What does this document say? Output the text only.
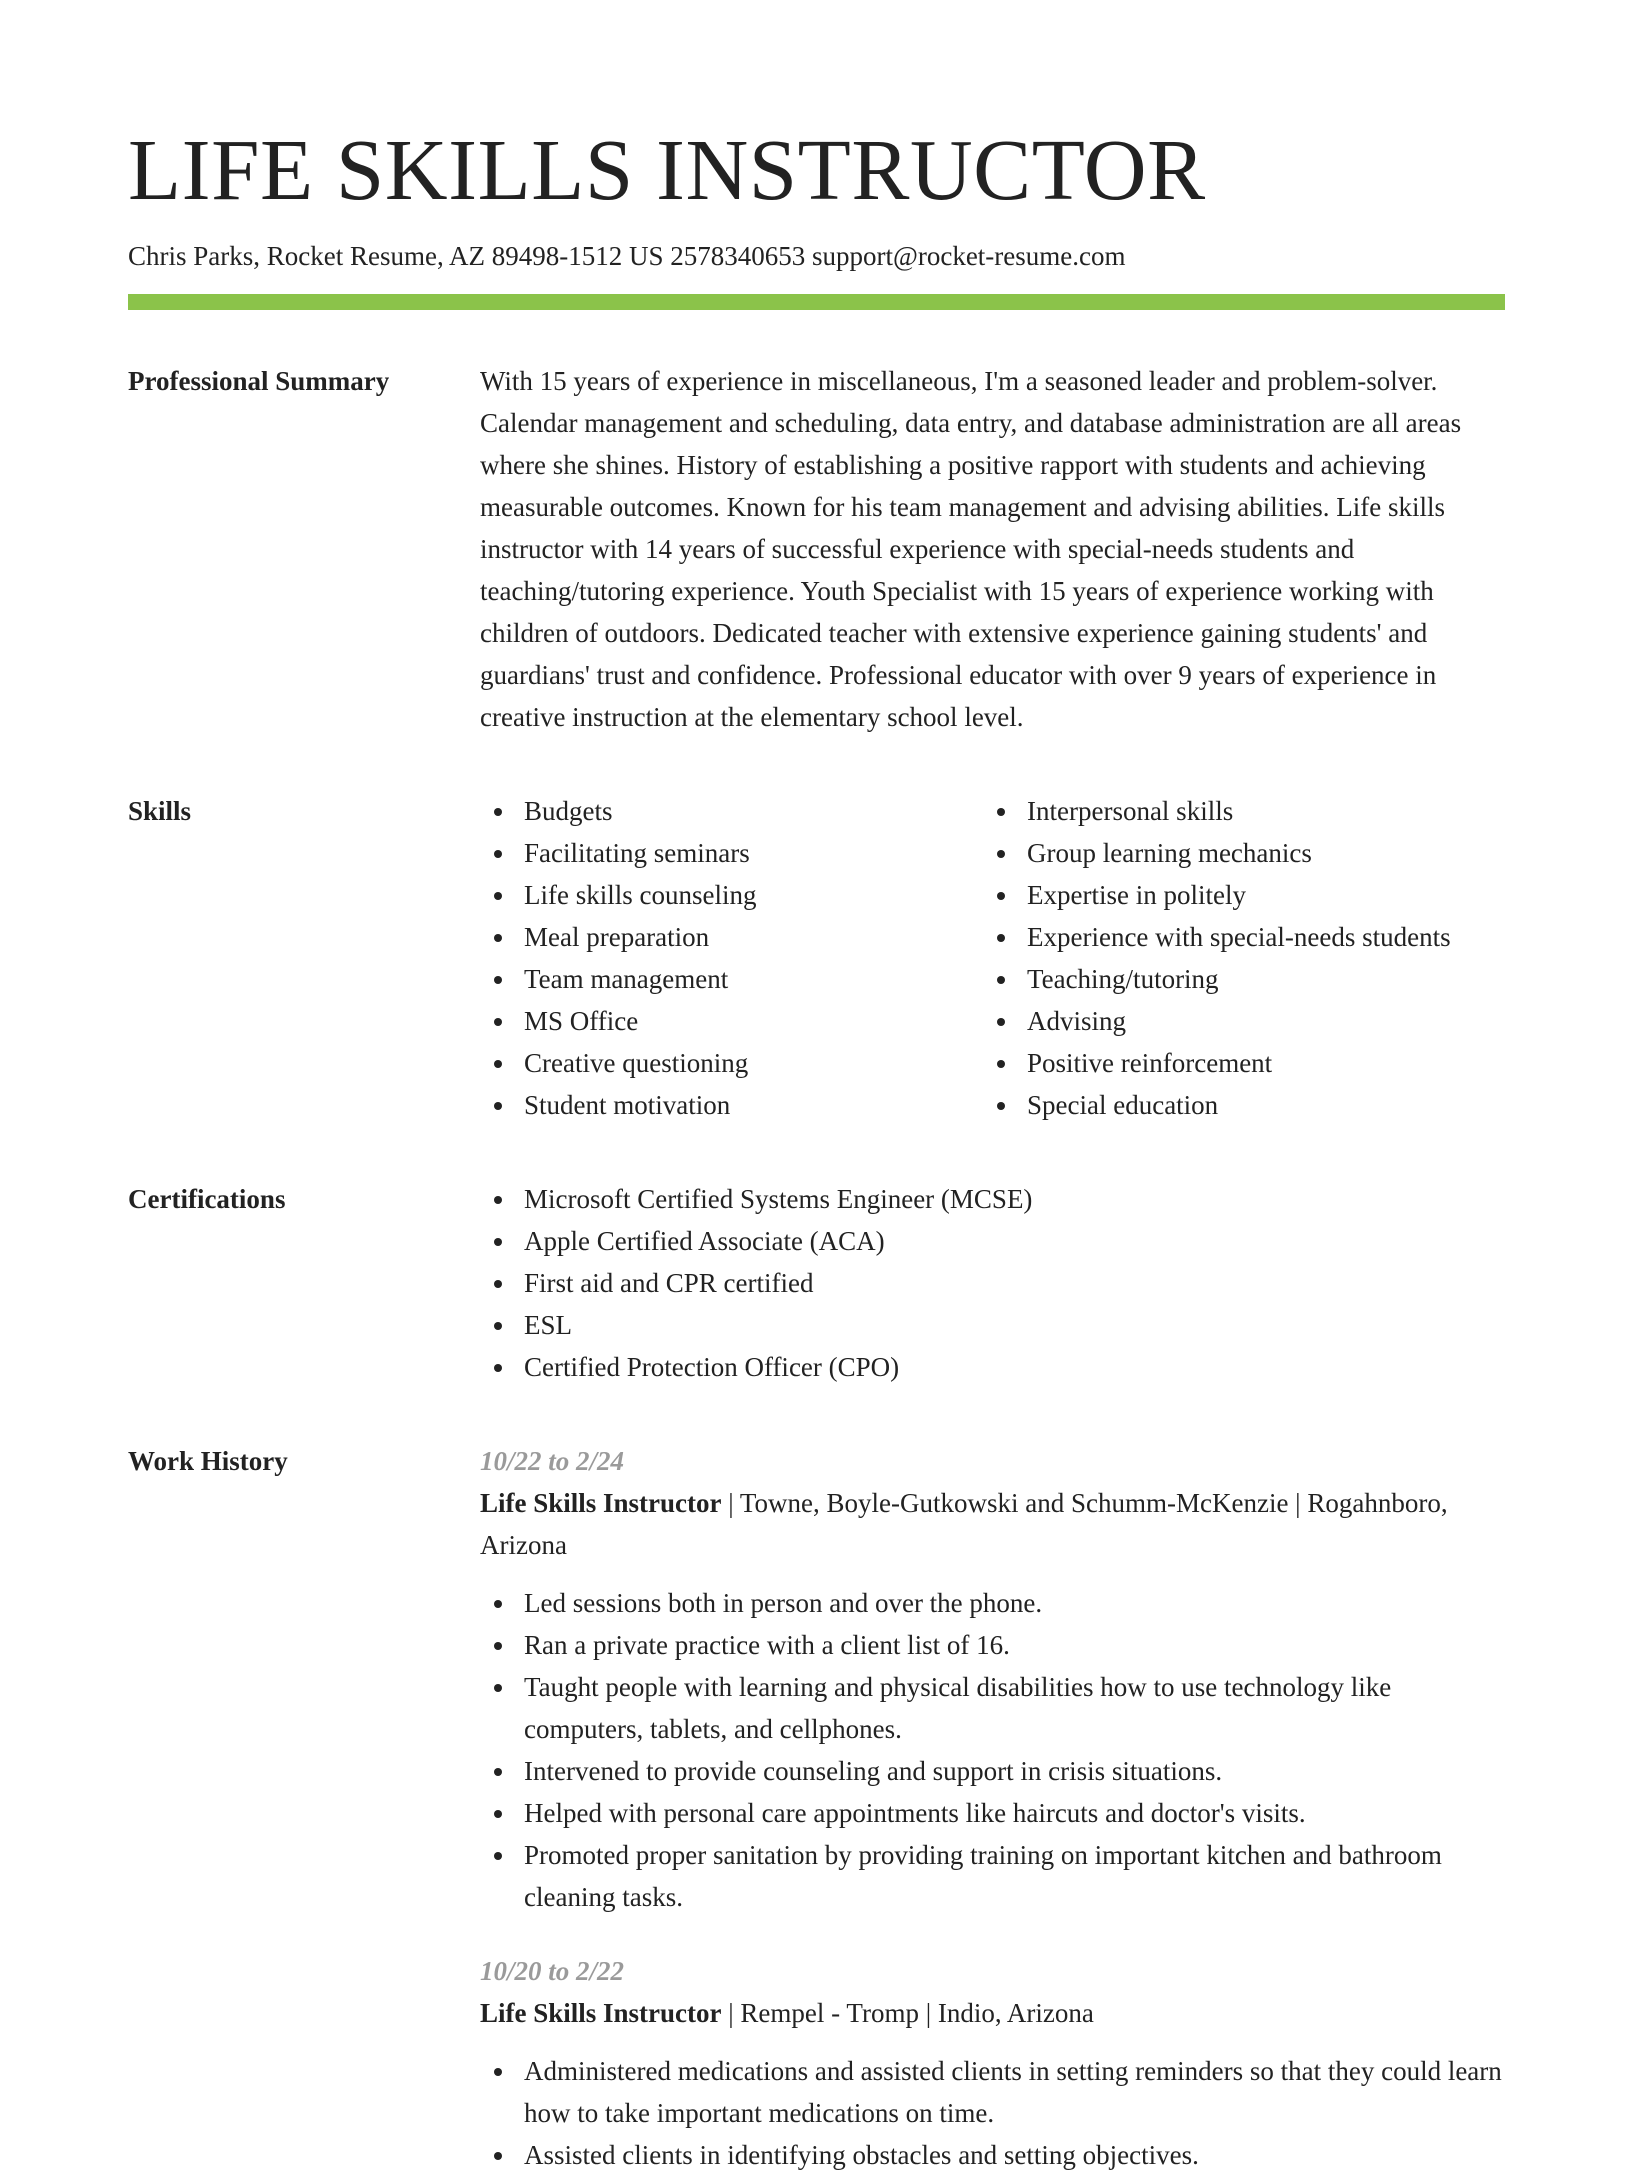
LIFE SKILLS INSTRUCTOR
Chris Parks, Rocket Resume, AZ 89498-1512 US 2578340653 support@rocket-resume.com
Professional Summary	With 15 years of experience in miscellaneous, I'm a seasoned leader and problem-solver. Calendar management and scheduling, data entry, and database administration are all areas where she shines. History of establishing a positive rapport with students and achieving measurable outcomes. Known for his team management and advising abilities. Life skills instructor with 14 years of successful experience with special-needs students and teaching/tutoring experience. Youth Specialist with 15 years of experience working with children of outdoors. Dedicated teacher with extensive experience gaining students' and guardians' trust and confidence. Professional educator with over 9 years of experience in creative instruction at the elementary school level.
Skills	Budgets
Facilitating seminars
Life skills counseling
Meal preparation
Team management
MS Office
Creative questioning
Student motivation
Interpersonal skills
Group learning mechanics
Expertise in politely
Experience with special-needs students
Teaching/tutoring
Advising
Positive reinforcement
Special education
Certifications	Microsoft Certified Systems Engineer (MCSE)
Apple Certified Associate (ACA)
First aid and CPR certified
ESL
Certified Protection Officer (CPO)
Work History	10/22 to 2/24
Life Skills Instructor | Towne, Boyle-Gutkowski and Schumm-McKenzie | Rogahnboro, Arizona
Led sessions both in person and over the phone.
Ran a private practice with a client list of 16.
Taught people with learning and physical disabilities how to use technology like computers, tablets, and cellphones.
Intervened to provide counseling and support in crisis situations.
Helped with personal care appointments like haircuts and doctor's visits.
Promoted proper sanitation by providing training on important kitchen and bathroom cleaning tasks.
10/20 to 2/22
Life Skills Instructor | Rempel - Tromp | Indio, Arizona
Administered medications and assisted clients in setting reminders so that they could learn how to take important medications on time.
Assisted clients in identifying obstacles and setting objectives.
